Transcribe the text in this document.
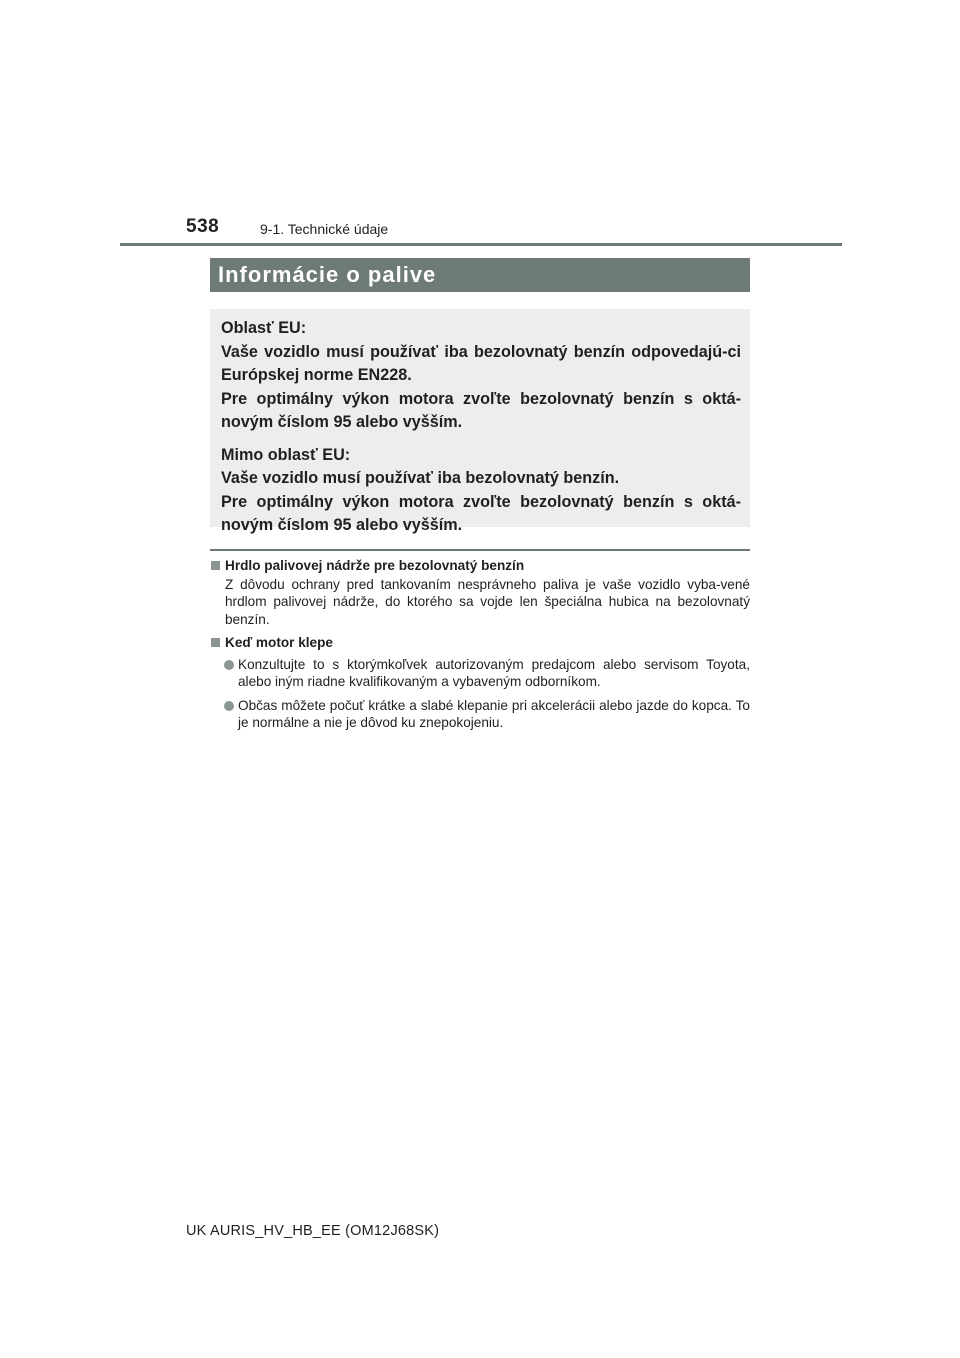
538	9-1. Technické údaje
Informácie o palive

Oblasť EU:

Vaše vozidlo musí používať iba bezolovnatý benzín odpovedajú-ci Európskej norme EN228.

Pre optimálny výkon motora zvoľte bezolovnatý benzín s oktá-novým číslom 95 alebo vyšším.

Mimo oblasť EU:

Vaše vozidlo musí používať iba bezolovnatý benzín.

Pre optimálny výkon motora zvoľte bezolovnatý benzín s oktá-novým číslom 95 alebo vyšším.

Hrdlo palivovej nádrže pre bezolovnatý benzín
Z dôvodu ochrany pred tankovaním nesprávneho paliva je vaše vozidlo vyba-vené hrdlom palivovej nádrže, do ktorého sa vojde len špeciálna hubica na bezolovnatý benzín.
Keď motor klepe
Konzultujte to s ktorýmkoľvek autorizovaným predajcom alebo servisom Toyota, alebo iným riadne kvalifikovaným a vybaveným odborníkom.
Občas môžete počuť krátke a slabé klepanie pri akcelerácii alebo jazde do kopca. To je normálne a nie je dôvod ku znepokojeniu.
UK AURIS_HV_HB_EE (OM12J68SK)
